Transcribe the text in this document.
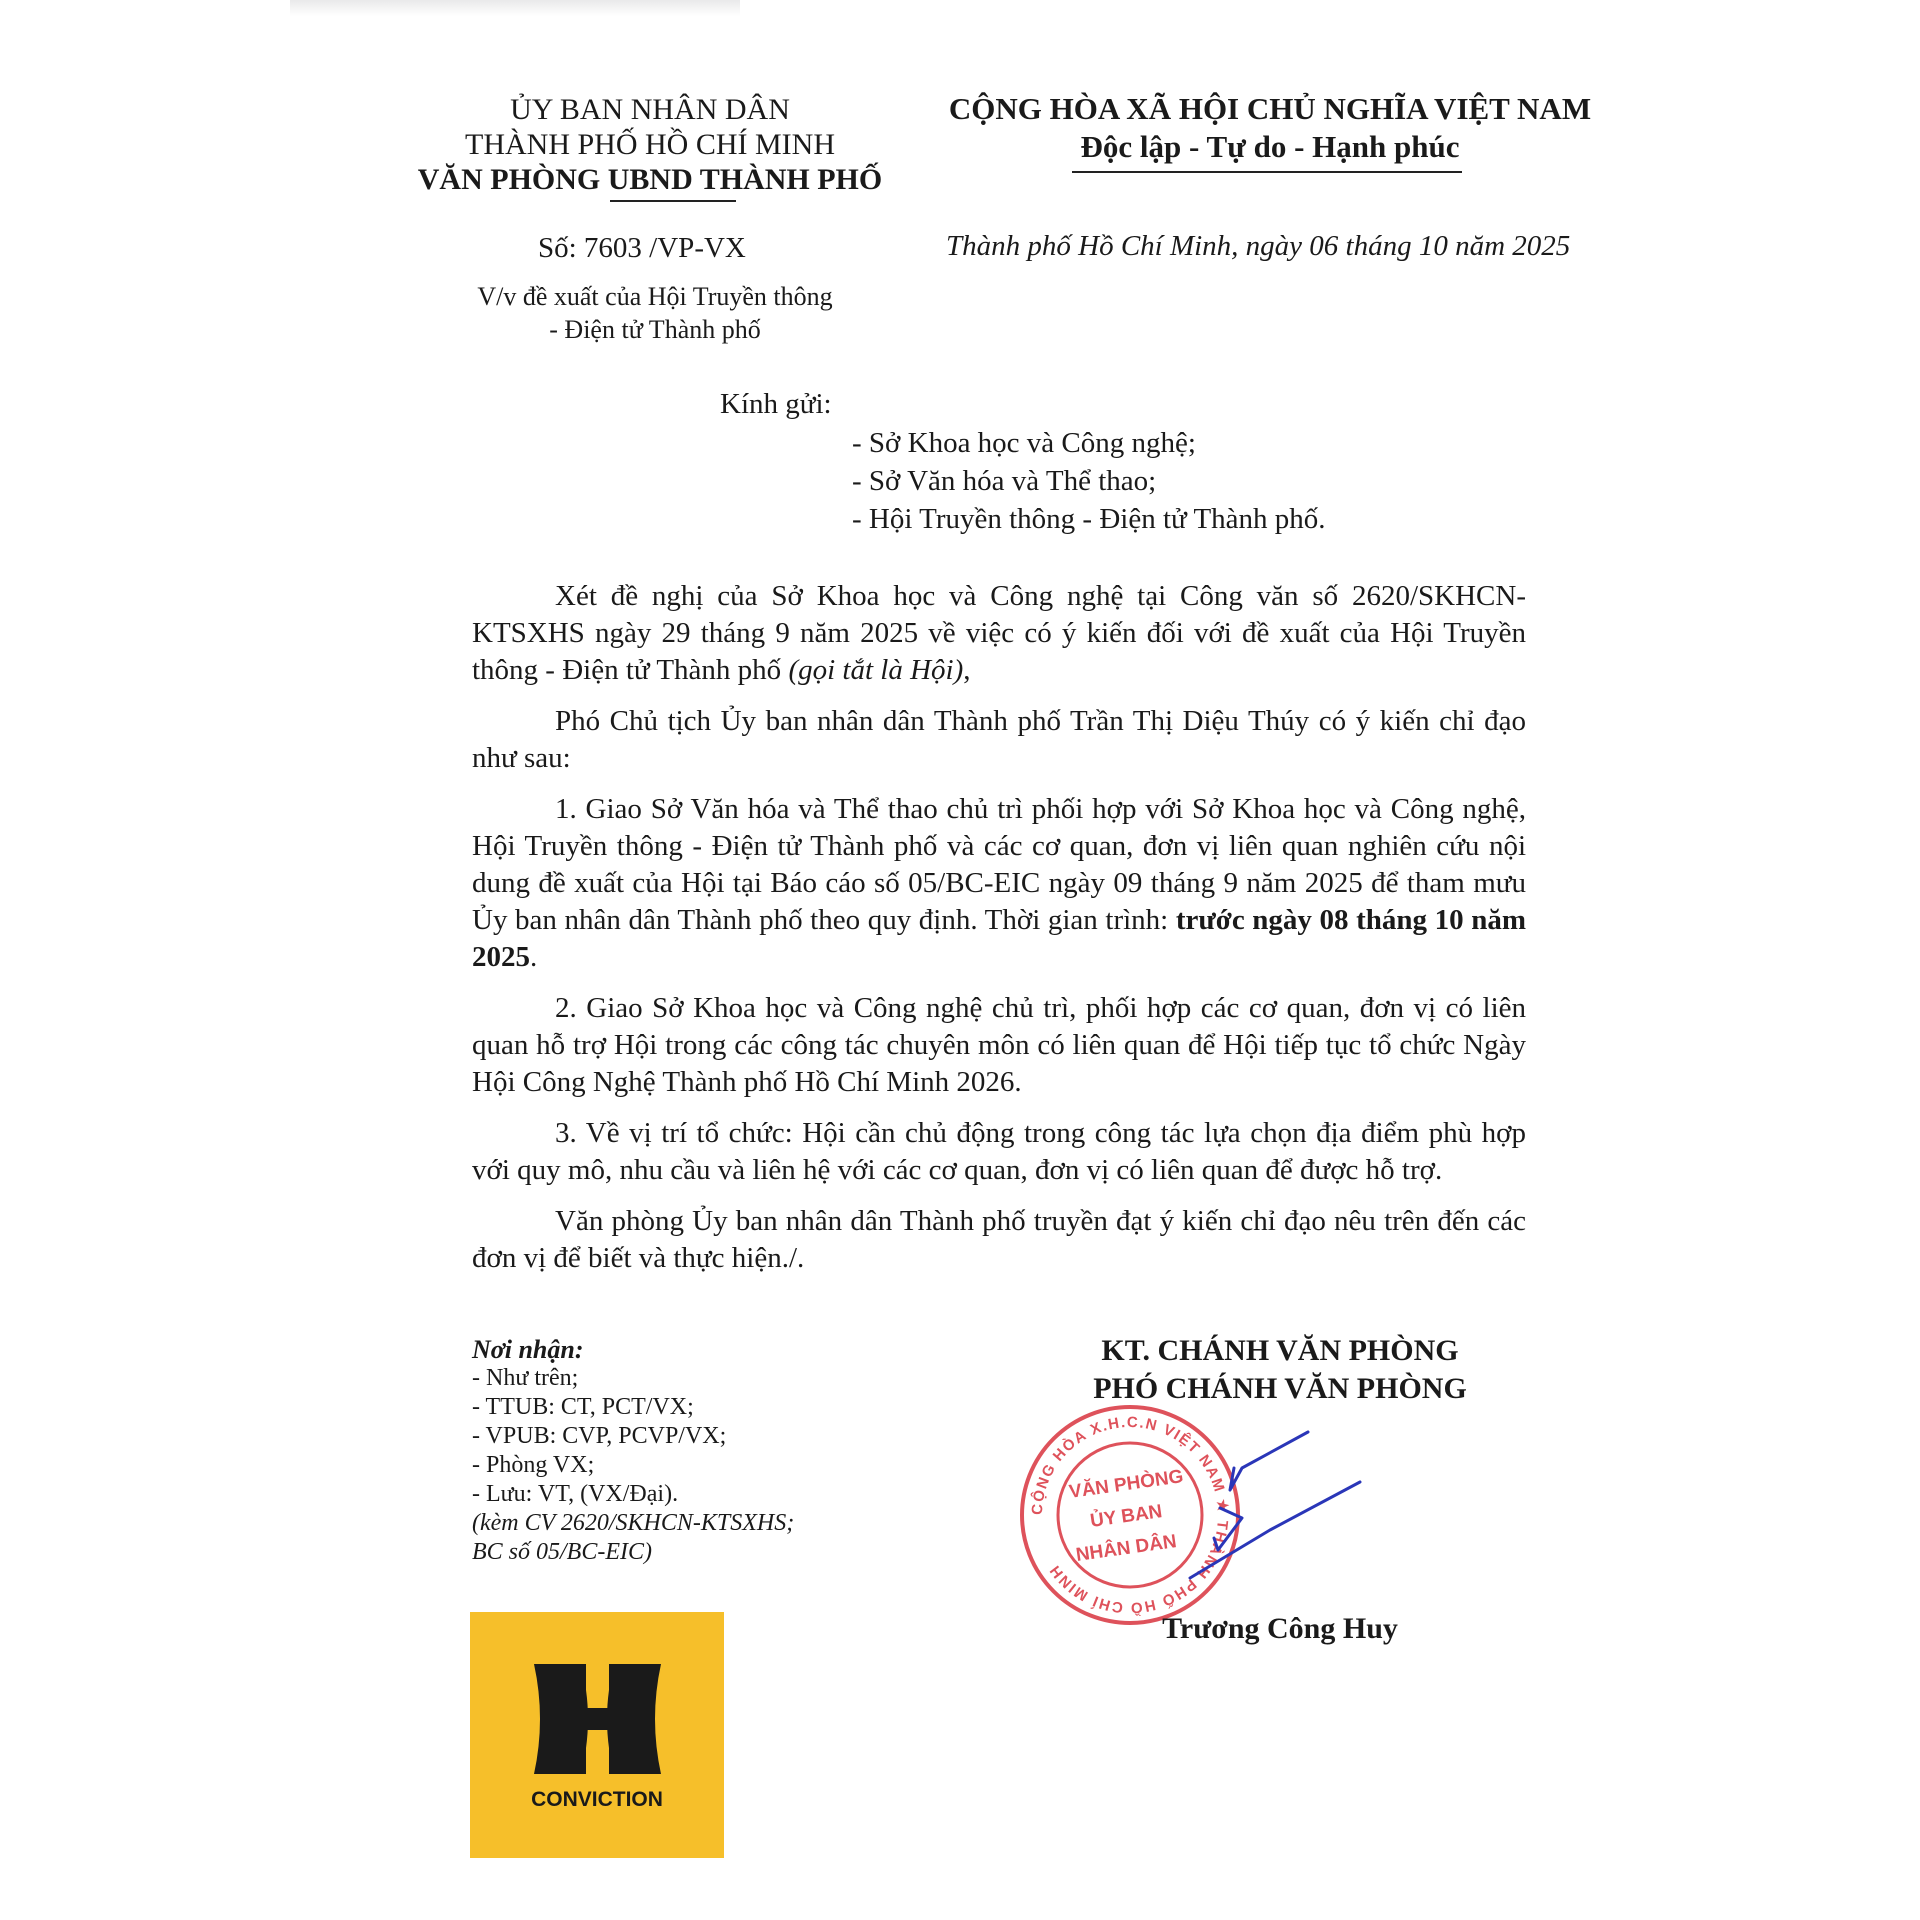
ỦY BAN NHÂN DÂN
THÀNH PHỐ HỒ CHÍ MINH
VĂN PHÒNG UBND THÀNH PHỐ
CỘNG HÒA XÃ HỘI CHỦ NGHĨA VIỆT NAM
Độc lập - Tự do - Hạnh phúc
Số: 7603 /VP-VX	Thành phố Hồ Chí Minh, ngày 06 tháng 10 năm 2025
V/v đề xuất của Hội Truyền thông
- Điện tử Thành phố
Kính gửi:
- Sở Khoa học và Công nghệ;
- Sở Văn hóa và Thể thao;
- Hội Truyền thông - Điện tử Thành phố.

Xét đề nghị của Sở Khoa học và Công nghệ tại Công văn số 2620/SKHCN-KTSXHS ngày 29 tháng 9 năm 2025 về việc có ý kiến đối với đề xuất của Hội Truyền thông - Điện tử Thành phố (gọi tắt là Hội),

Phó Chủ tịch Ủy ban nhân dân Thành phố Trần Thị Diệu Thúy có ý kiến chỉ đạo như sau:

1. Giao Sở Văn hóa và Thể thao chủ trì phối hợp với Sở Khoa học và Công nghệ, Hội Truyền thông - Điện tử Thành phố và các cơ quan, đơn vị liên quan nghiên cứu nội dung đề xuất của Hội tại Báo cáo số 05/BC-EIC ngày 09 tháng 9 năm 2025 để tham mưu Ủy ban nhân dân Thành phố theo quy định. Thời gian trình: trước ngày 08 tháng 10 năm 2025.

2. Giao Sở Khoa học và Công nghệ chủ trì, phối hợp các cơ quan, đơn vị có liên quan hỗ trợ Hội trong các công tác chuyên môn có liên quan để Hội tiếp tục tổ chức Ngày Hội Công Nghệ Thành phố Hồ Chí Minh 2026.

3. Về vị trí tổ chức: Hội cần chủ động trong công tác lựa chọn địa điểm phù hợp với quy mô, nhu cầu và liên hệ với các cơ quan, đơn vị có liên quan để được hỗ trợ.

Văn phòng Ủy ban nhân dân Thành phố truyền đạt ý kiến chỉ đạo nêu trên đến các đơn vị để biết và thực hiện./.

Nơi nhận:
- Như trên;
- TTUB: CT, PCT/VX;
- VPUB: CVP, PCVP/VX;
- Phòng VX;
- Lưu: VT, (VX/Đại).
(kèm CV 2620/SKHCN-KTSXHS;
BC số 05/BC-EIC)
KT. CHÁNH VĂN PHÒNG
PHÓ CHÁNH VĂN PHÒNG
CỘNG HÒA X.H.C.N VIỆT NAM ★ THÀNH PHỐ HỒ CHÍ MINH
VĂN PHÒNG
ỦY BAN
NHÂN DÂN
Trương Công Huy
CONVICTION
